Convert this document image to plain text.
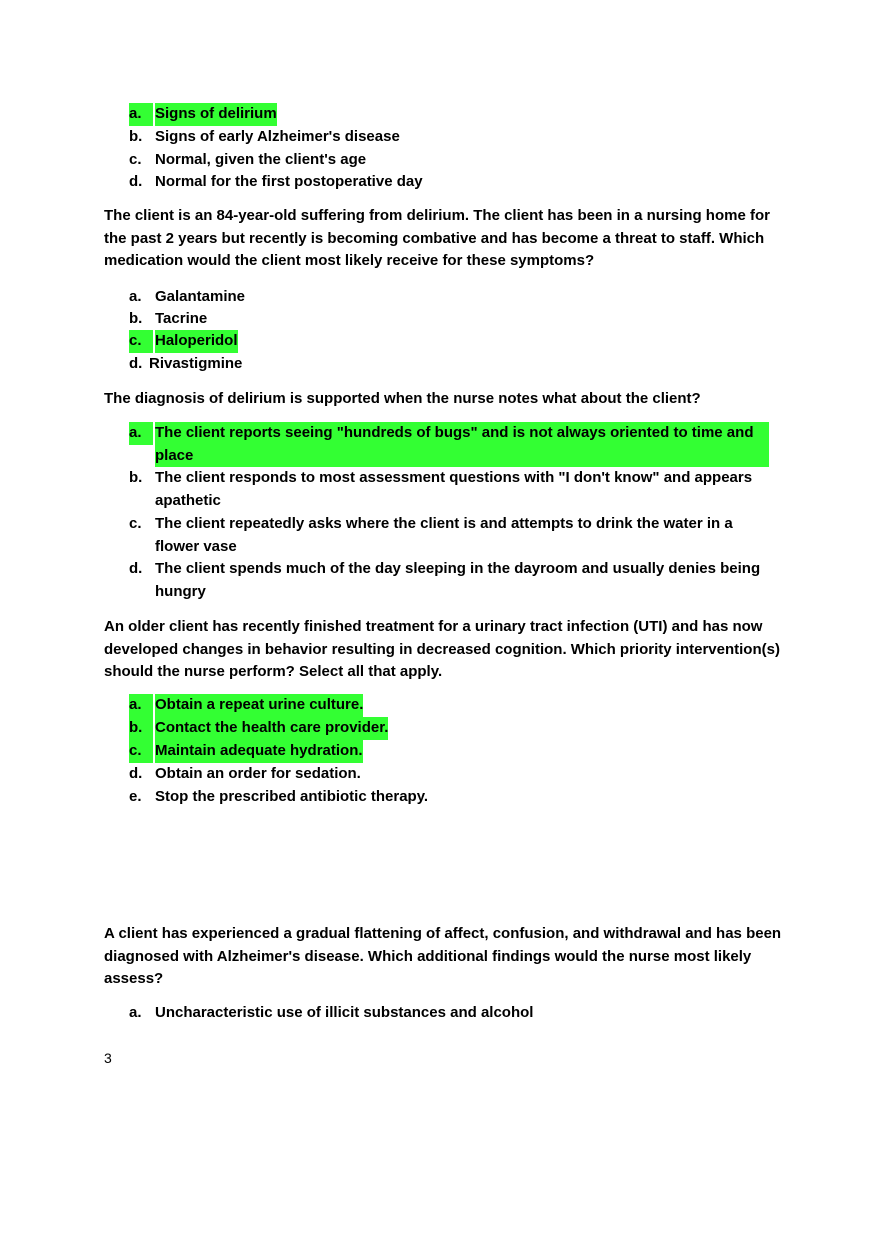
a. Signs of delirium
b. Signs of early Alzheimer's disease
c. Normal, given the client's age
d. Normal for the first postoperative day
The client is an 84-year-old suffering from delirium. The client has been in a nursing home for the past 2 years but recently is becoming combative and has become a threat to staff. Which medication would the client most likely receive for these symptoms?
a. Galantamine
b. Tacrine
c. Haloperidol
d. Rivastigmine
The diagnosis of delirium is supported when the nurse notes what about the client?
a. The client reports seeing "hundreds of bugs" and is not always oriented to time and place
b. The client responds to most assessment questions with "I don't know" and appears apathetic
c. The client repeatedly asks where the client is and attempts to drink the water in a flower vase
d. The client spends much of the day sleeping in the dayroom and usually denies being hungry
An older client has recently finished treatment for a urinary tract infection (UTI) and has now developed changes in behavior resulting in decreased cognition. Which priority intervention(s) should the nurse perform? Select all that apply.
a. Obtain a repeat urine culture.
b. Contact the health care provider.
c. Maintain adequate hydration.
d. Obtain an order for sedation.
e. Stop the prescribed antibiotic therapy.
A client has experienced a gradual flattening of affect, confusion, and withdrawal and has been diagnosed with Alzheimer's disease. Which additional findings would the nurse most likely assess?
a. Uncharacteristic use of illicit substances and alcohol
3
